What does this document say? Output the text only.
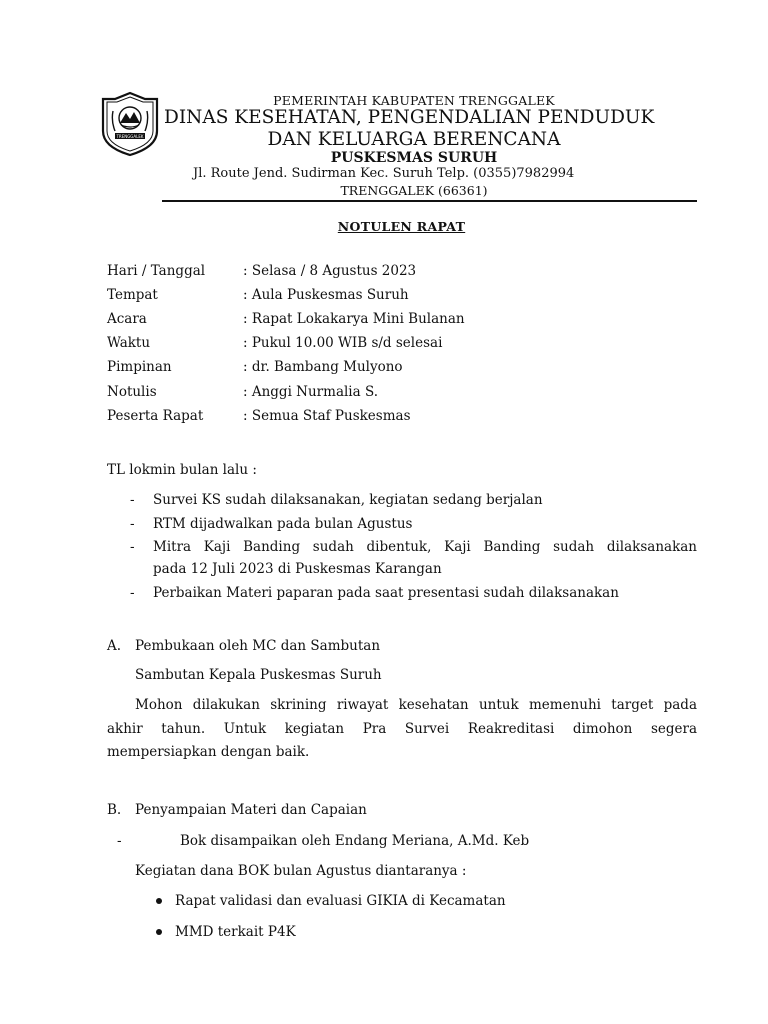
TRENGGALEK
PEMERINTAH KABUPATEN TRENGGALEK
DINAS KESEHATAN, PENGENDALIAN PENDUDUK
DAN KELUARGA BERENCANA
PUSKESMAS SURUH
Jl. Route Jend. Sudirman Kec. Suruh Telp. (0355)7982994
TRENGGALEK (66361)
NOTULEN RAPAT
Hari / Tanggal	: Selasa / 8 Agustus 2023
Tempat	: Aula Puskesmas Suruh
Acara	: Rapat Lokakarya Mini Bulanan
Waktu	: Pukul 10.00 WIB s/d selesai
Pimpinan	: dr. Bambang Mulyono
Notulis	: Anggi Nurmalia S.
Peserta Rapat	: Semua Staf Puskesmas
TL lokmin bulan lalu :
- Survei KS sudah dilaksanakan, kegiatan sedang berjalan
- RTM dijadwalkan pada bulan Agustus
- Mitra Kaji Banding sudah dibentuk, Kaji Banding sudah dilaksanakan
pada 12 Juli 2023 di Puskesmas Karangan
- Perbaikan Materi paparan pada saat presentasi sudah dilaksanakan
A. Pembukaan oleh MC dan Sambutan
Sambutan Kepala Puskesmas Suruh
Mohon dilakukan skrining riwayat kesehatan untuk memenuhi target pada
akhir tahun. Untuk kegiatan Pra Survei Reakreditasi dimohon segera
mempersiapkan dengan baik.
B. Penyampaian Materi dan Capaian
-	Bok disampaikan oleh Endang Meriana, A.Md. Keb
Kegiatan dana BOK bulan Agustus diantaranya :
Rapat validasi dan evaluasi GIKIA di Kecamatan
MMD terkait P4K
